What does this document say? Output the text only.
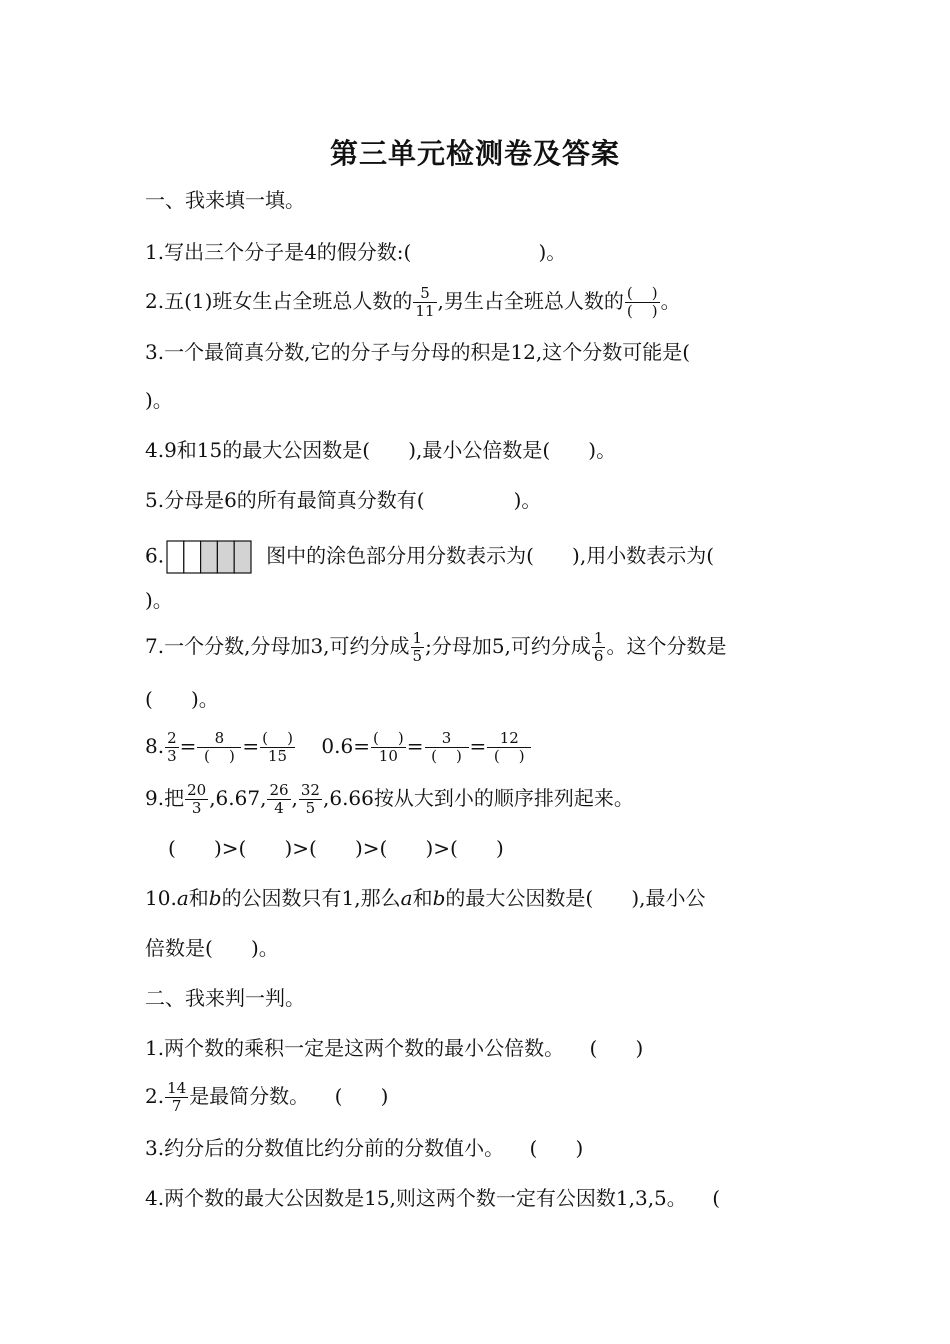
第三单元检测卷及答案
一、我来填一填。
1.写出三个分子是4的假分数:(                    )。
2.五(1)班女生占全班总人数的 $\frac{5}{11}$ ,男生占全班总人数的 $\frac{( )}{( )}$ 。
3.一个最简真分数,它的分子与分母的积是12,这个分数可能是(
)。
4.9和15的最大公因数是(      ),最小公倍数是(      )。
5.分母是6的所有最简真分数有(              )。
6.	图中的涂色部分用分数表示为(      ),用小数表示为(
)。
7.一个分数,分母加3,可约分成 $\frac{1}{5}$ ;分母加5,可约分成 $\frac{1}{6}$ 。这个分数是
(      )。
8. $\frac{2}{3} = \frac{8}{( )} = \frac{( )}{15} 0.6= \frac{( )}{10} = \frac{3}{( )} = \frac{12}{( )}$
9.把 $\frac{20}{3} ,6.67$, $\frac{26}{4}$ , $\frac{32}{5} ,6.66$按从大到小的顺序排列起来。
(      )>(      )>(      )>(      )>(      )
10.a和b的公因数只有1,那么a和b的最大公因数是(      ),最小公
倍数是(      )。
二、我来判一判。
1.两个数的乘积一定是这两个数的最小公倍数。    (      )
2. $\frac{14}{7}$ 是最简分数。    (      )
3.约分后的分数值比约分前的分数值小。    (      )
4.两个数的最大公因数是15,则这两个数一定有公因数1,3,5。    (
